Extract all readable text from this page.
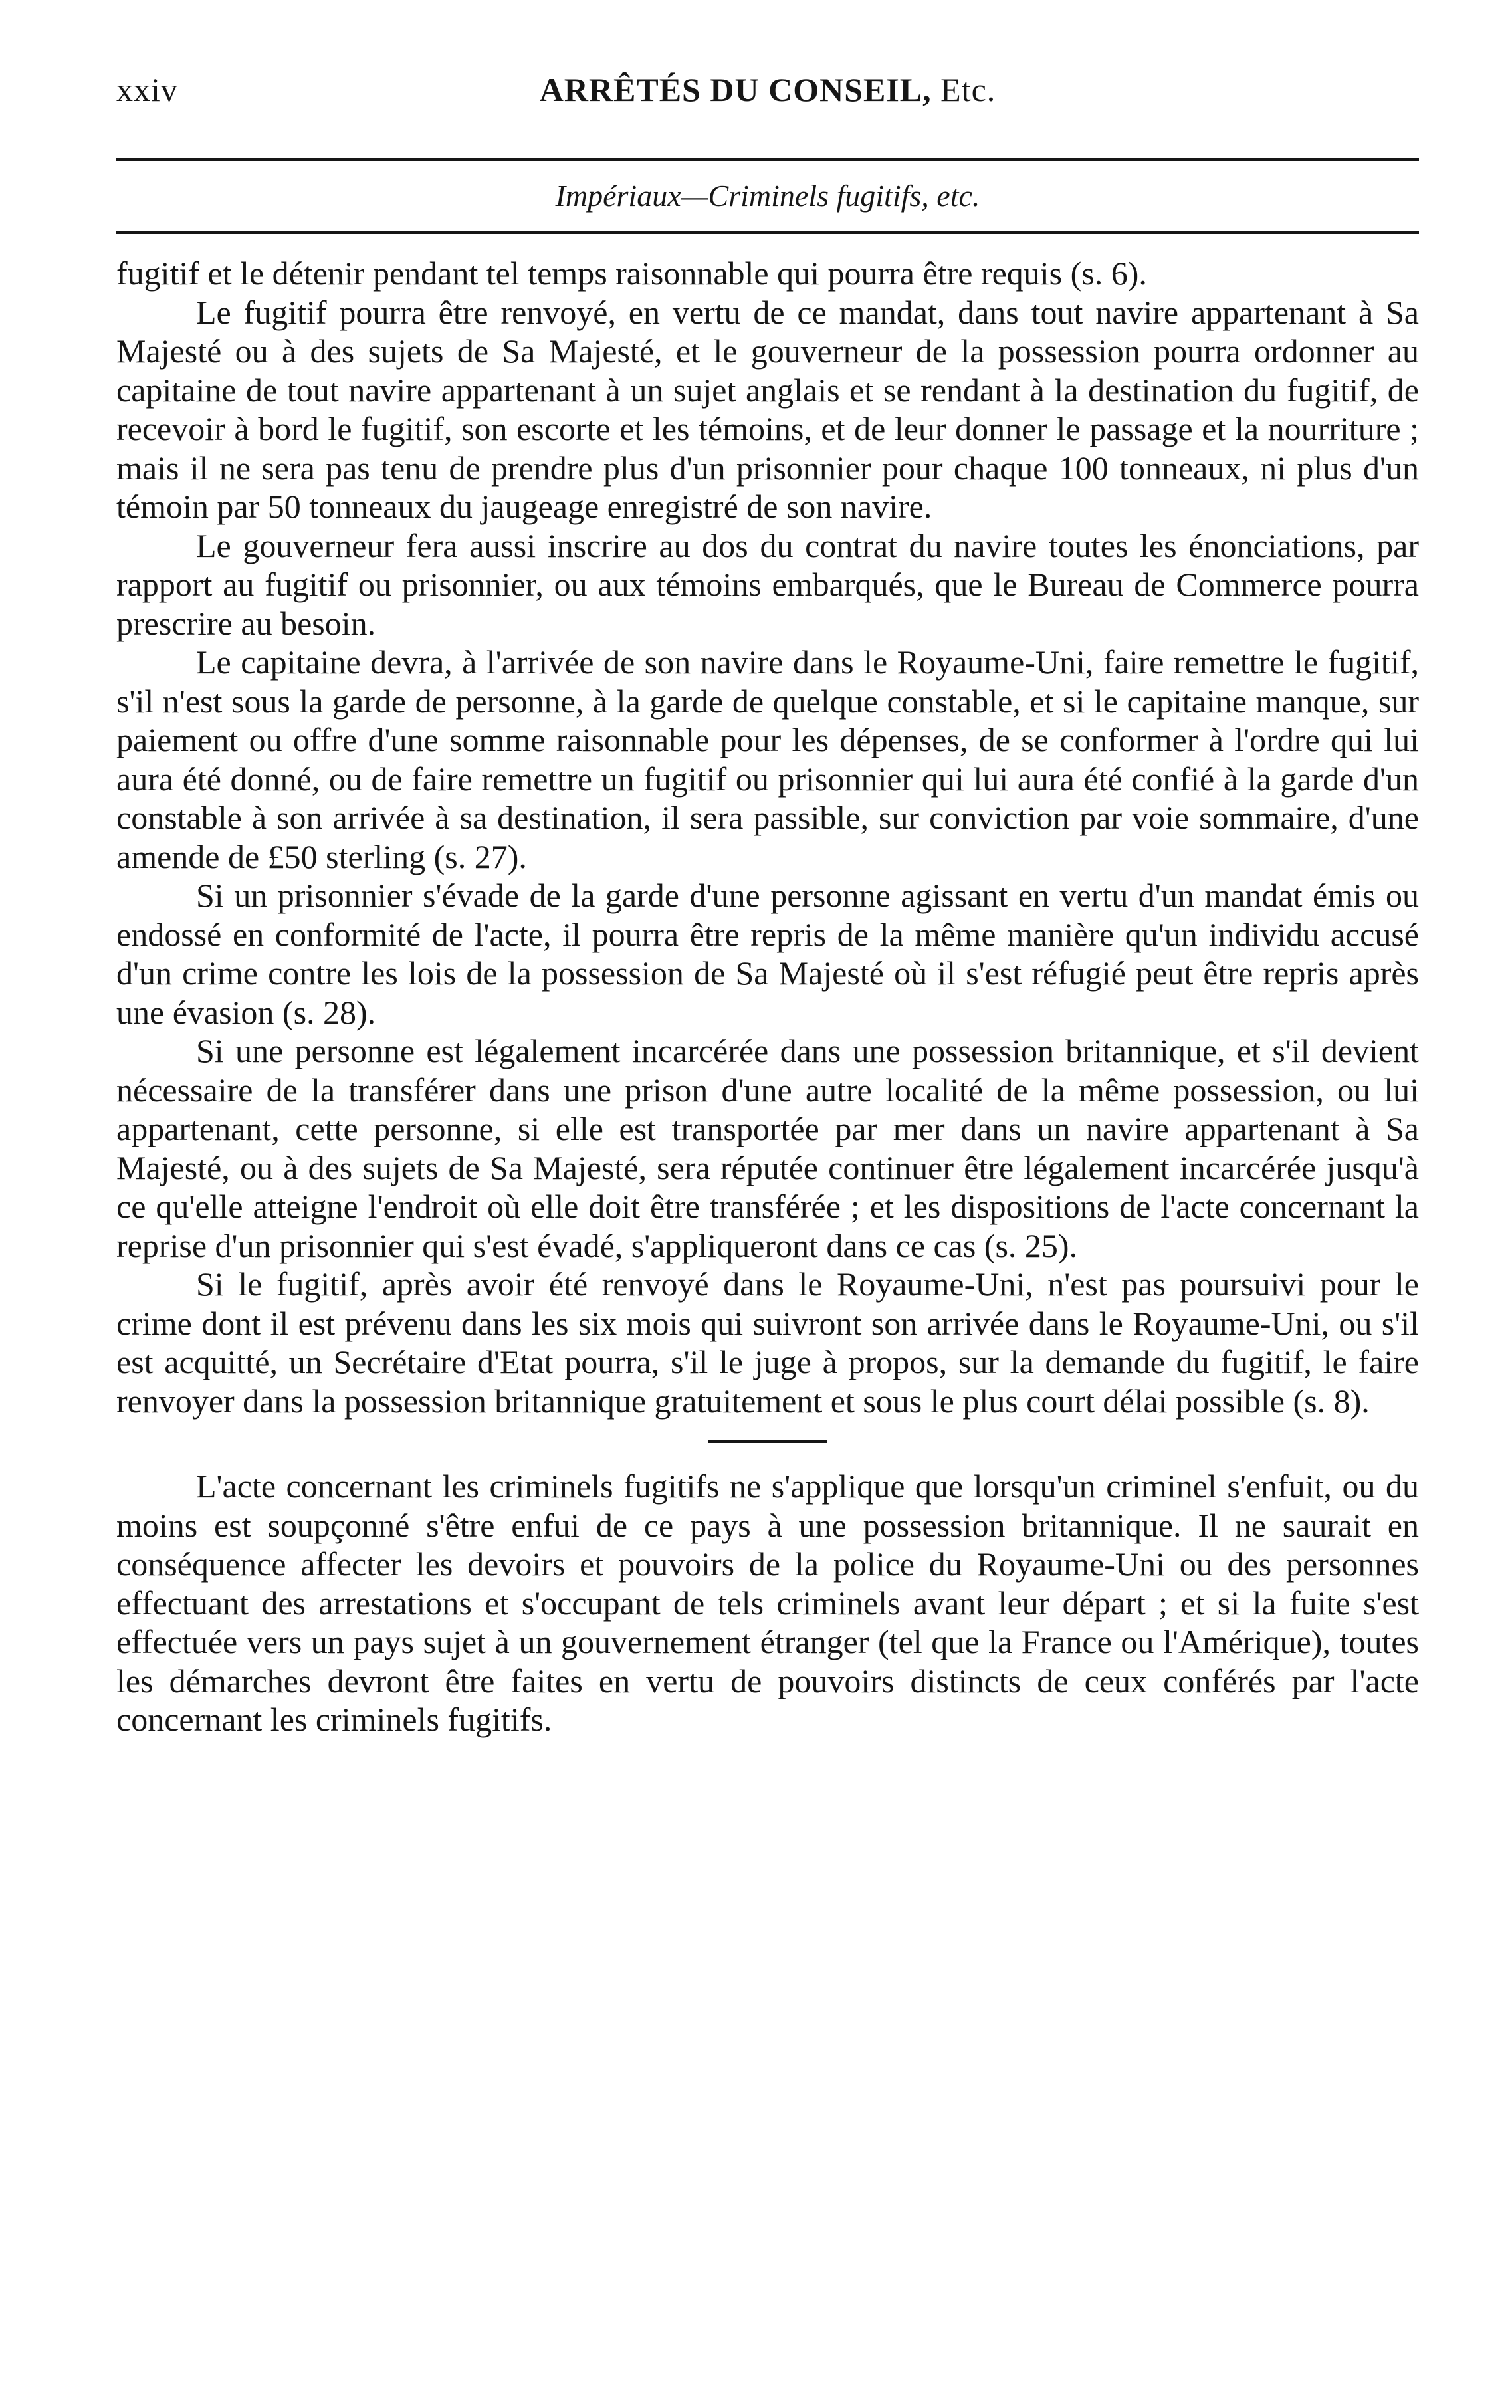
xxiv	ARRÊTÉS DU CONSEIL, Etc.
Impériaux—Criminels fugitifs, etc.

fugitif et le détenir pendant tel temps raisonnable qui pourra être requis (s. 6).

Le fugitif pourra être renvoyé, en vertu de ce mandat, dans tout navire appartenant à Sa Majesté ou à des sujets de Sa Majesté, et le gouverneur de la possession pourra ordonner au capitaine de tout navire appartenant à un sujet anglais et se rendant à la destination du fugitif, de recevoir à bord le fugitif, son escorte et les témoins, et de leur donner le passage et la nourriture ; mais il ne sera pas tenu de prendre plus d'un prisonnier pour chaque 100 tonneaux, ni plus d'un témoin par 50 tonneaux du jaugeage enregistré de son navire.

Le gouverneur fera aussi inscrire au dos du contrat du navire toutes les énonciations, par rapport au fugitif ou prisonnier, ou aux témoins embarqués, que le Bureau de Commerce pourra prescrire au besoin.

Le capitaine devra, à l'arrivée de son navire dans le Royaume-Uni, faire remettre le fugitif, s'il n'est sous la garde de personne, à la garde de quelque constable, et si le capitaine manque, sur paiement ou offre d'une somme raisonnable pour les dépenses, de se conformer à l'ordre qui lui aura été donné, ou de faire remettre un fugitif ou prisonnier qui lui aura été confié à la garde d'un constable à son arrivée à sa destination, il sera passible, sur conviction par voie sommaire, d'une amende de £50 sterling (s. 27).

Si un prisonnier s'évade de la garde d'une personne agissant en vertu d'un mandat émis ou endossé en conformité de l'acte, il pourra être repris de la même manière qu'un individu accusé d'un crime contre les lois de la possession de Sa Majesté où il s'est réfugié peut être repris après une évasion (s. 28).

Si une personne est légalement incarcérée dans une possession britannique, et s'il devient nécessaire de la transférer dans une prison d'une autre localité de la même possession, ou lui appartenant, cette personne, si elle est transportée par mer dans un navire appartenant à Sa Majesté, ou à des sujets de Sa Majesté, sera réputée continuer être légalement incarcérée jusqu'à ce qu'elle atteigne l'endroit où elle doit être transférée ; et les dispositions de l'acte concernant la reprise d'un prisonnier qui s'est évadé, s'appliqueront dans ce cas (s. 25).

Si le fugitif, après avoir été renvoyé dans le Royaume-Uni, n'est pas poursuivi pour le crime dont il est prévenu dans les six mois qui suivront son arrivée dans le Royaume-Uni, ou s'il est acquitté, un Secrétaire d'Etat pourra, s'il le juge à propos, sur la demande du fugitif, le faire renvoyer dans la possession britannique gratuitement et sous le plus court délai possible (s. 8).

L'acte concernant les criminels fugitifs ne s'applique que lorsqu'un criminel s'enfuit, ou du moins est soupçonné s'être enfui de ce pays à une possession britannique. Il ne saurait en conséquence affecter les devoirs et pouvoirs de la police du Royaume-Uni ou des personnes effectuant des arrestations et s'occupant de tels criminels avant leur départ ; et si la fuite s'est effectuée vers un pays sujet à un gouvernement étranger (tel que la France ou l'Amérique), toutes les démarches devront être faites en vertu de pouvoirs distincts de ceux conférés par l'acte concernant les criminels fugitifs.
